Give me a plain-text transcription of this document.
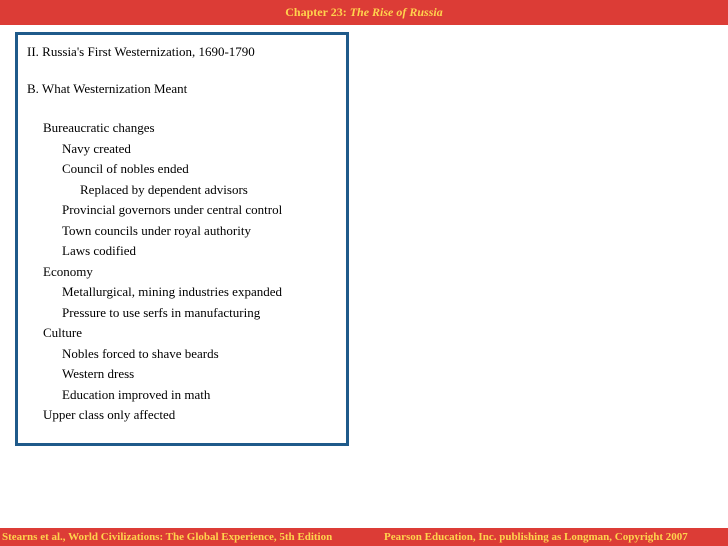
Chapter 23: The Rise of Russia
II. Russia's First Westernization, 1690-1790
B. What Westernization Meant
Bureaucratic changes
Navy created
Council of nobles ended
Replaced by dependent advisors
Provincial governors under central control
Town councils under royal authority
Laws codified
Economy
Metallurgical, mining industries expanded
Pressure to use serfs in manufacturing
Culture
Nobles forced to shave beards
Western dress
Education improved in math
Upper class only affected
Stearns et al., World Civilizations: The Global Experience, 5th Edition	Pearson Education, Inc. publishing as Longman, Copyright 2007
